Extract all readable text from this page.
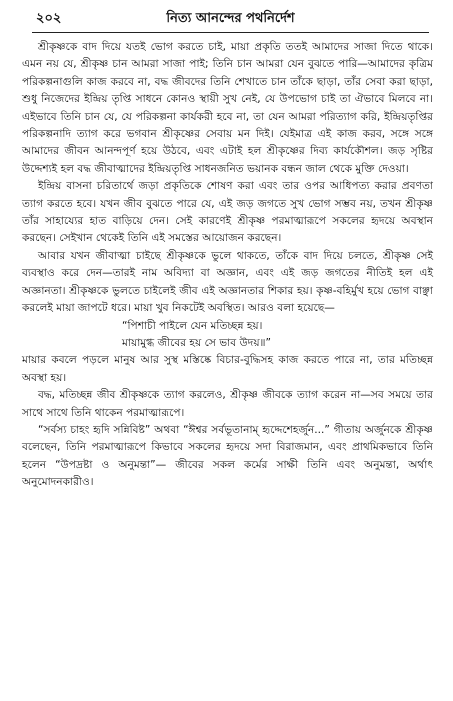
২০২	নিত্য আনন্দের পথনির্দেশ

শ্রীকৃষ্ণকে বাদ দিয়ে যতই ভোগ করতে চাই, মায়া প্রকৃতি ততই আমাদের সাজা দিতে থাকে। এমন নয় যে, শ্রীকৃষ্ণ চান আমরা সাজা পাই; তিনি চান আমরা যেন বুঝতে পারি—আমাদের কৃত্রিম পরিকল্পনাগুলি কাজ করবে না, বদ্ধ জীবদের তিনি শেখাতে চান তাঁকে ছাড়া, তাঁর সেবা করা ছাড়া, শুধু নিজেদের ইন্দ্রিয় তৃপ্তি সাধনে কোনও স্থায়ী সুখ নেই, যে উপভোগ চাই তা ঐভাবে মিলবে না। এইভাবে তিনি চান যে, যে পরিকল্পনা কার্যকরী হবে না, তা যেন আমরা পরিত্যাগ করি, ইন্দ্রিয়তৃপ্তির পরিকল্পনাদি ত্যাগ করে ভগবান শ্রীকৃষ্ণের সেবায় মন দিই। যেইমাত্র এই কাজ করব, সঙ্গে সঙ্গে আমাদের জীবন আনন্দপূর্ণ হয়ে উঠবে, এবং এটাই হল শ্রীকৃষ্ণের দিব্য কার্যকৌশল। জড় সৃষ্টির উদ্দেশ্যই হল বদ্ধ জীবাত্মাদের ইন্দ্রিয়তৃপ্তি সাধনজনিত ভয়ানক বন্ধন জাল থেকে মুক্তি দেওয়া।

ইন্দ্রিয় বাসনা চরিতার্থে জড়া প্রকৃতিকে শোষণ করা এবং তার ওপর আধিপত্য করার প্রবণতা ত্যাগ করতে হবে। যখন জীব বুঝতে পারে যে, এই জড় জগতে সুখ ভোগ সম্ভব নয়, তখন শ্রীকৃষ্ণ তাঁর সাহায্যের হাত বাড়িয়ে দেন। সেই কারণেই শ্রীকৃষ্ণ পরমাত্মারূপে সকলের হৃদয়ে অবস্থান করছেন। সেইখান থেকেই তিনি এই সমস্তের আয়োজন করছেন।

আবার যখন জীবাত্মা চাইছে শ্রীকৃষ্ণকে ভুলে থাকতে, তাঁকে বাদ দিয়ে চলতে, শ্রীকৃষ্ণ সেই ব্যবস্থাও করে দেন—তারই নাম অবিদ্যা বা অজ্ঞান, এবং এই জড় জগতের নীতিই হল এই অজ্ঞানতা। শ্রীকৃষ্ণকে ভুলতে চাইলেই জীব এই অজ্ঞানতার শিকার হয়। কৃষ্ণ-বহির্মুখ হয়ে ভোগ বাঞ্ছা করলেই মায়া জাপটে ধরে। মায়া খুব নিকটেই অবস্থিত। আরও বলা হয়েছে—

“পিশাচী পাইলে যেন মতিচ্ছন্ন হয়।

মায়ামুগ্ধ জীবের হয় সে ভাব উদয়॥”

মায়ার কবলে পড়লে মানুষ আর সুস্থ মস্তিষ্কে বিচার-বুদ্ধিসহ কাজ করতে পারে না, তার মতিচ্ছন্ন অবস্থা হয়।

বদ্ধ, মতিচ্ছন্ন জীব শ্রীকৃষ্ণকে ত্যাগ করলেও, শ্রীকৃষ্ণ জীবকে ত্যাগ করেন না—সব সময়ে তার সাথে সাথে তিনি থাকেন পরমাত্মারূপে।

“সর্বস্য চাহং হৃদি সন্নিবিষ্ট” অথবা “ঈশ্বর সর্বভূতানাম্ হৃদ্দেশেহর্জুন...” গীতায় অর্জুনকে শ্রীকৃষ্ণ বলেছেন, তিনি পরমাত্মারূপে কিভাবে সকলের হৃদয়ে সদা বিরাজমান, এবং প্রাথমিকভাবে তিনি হলেন “উপদ্রষ্টা ও অনুমন্তা”— জীবের সকল কর্মের সাক্ষী তিনি এবং অনুমন্তা, অর্থাৎ অনুমোদনকারীও।
